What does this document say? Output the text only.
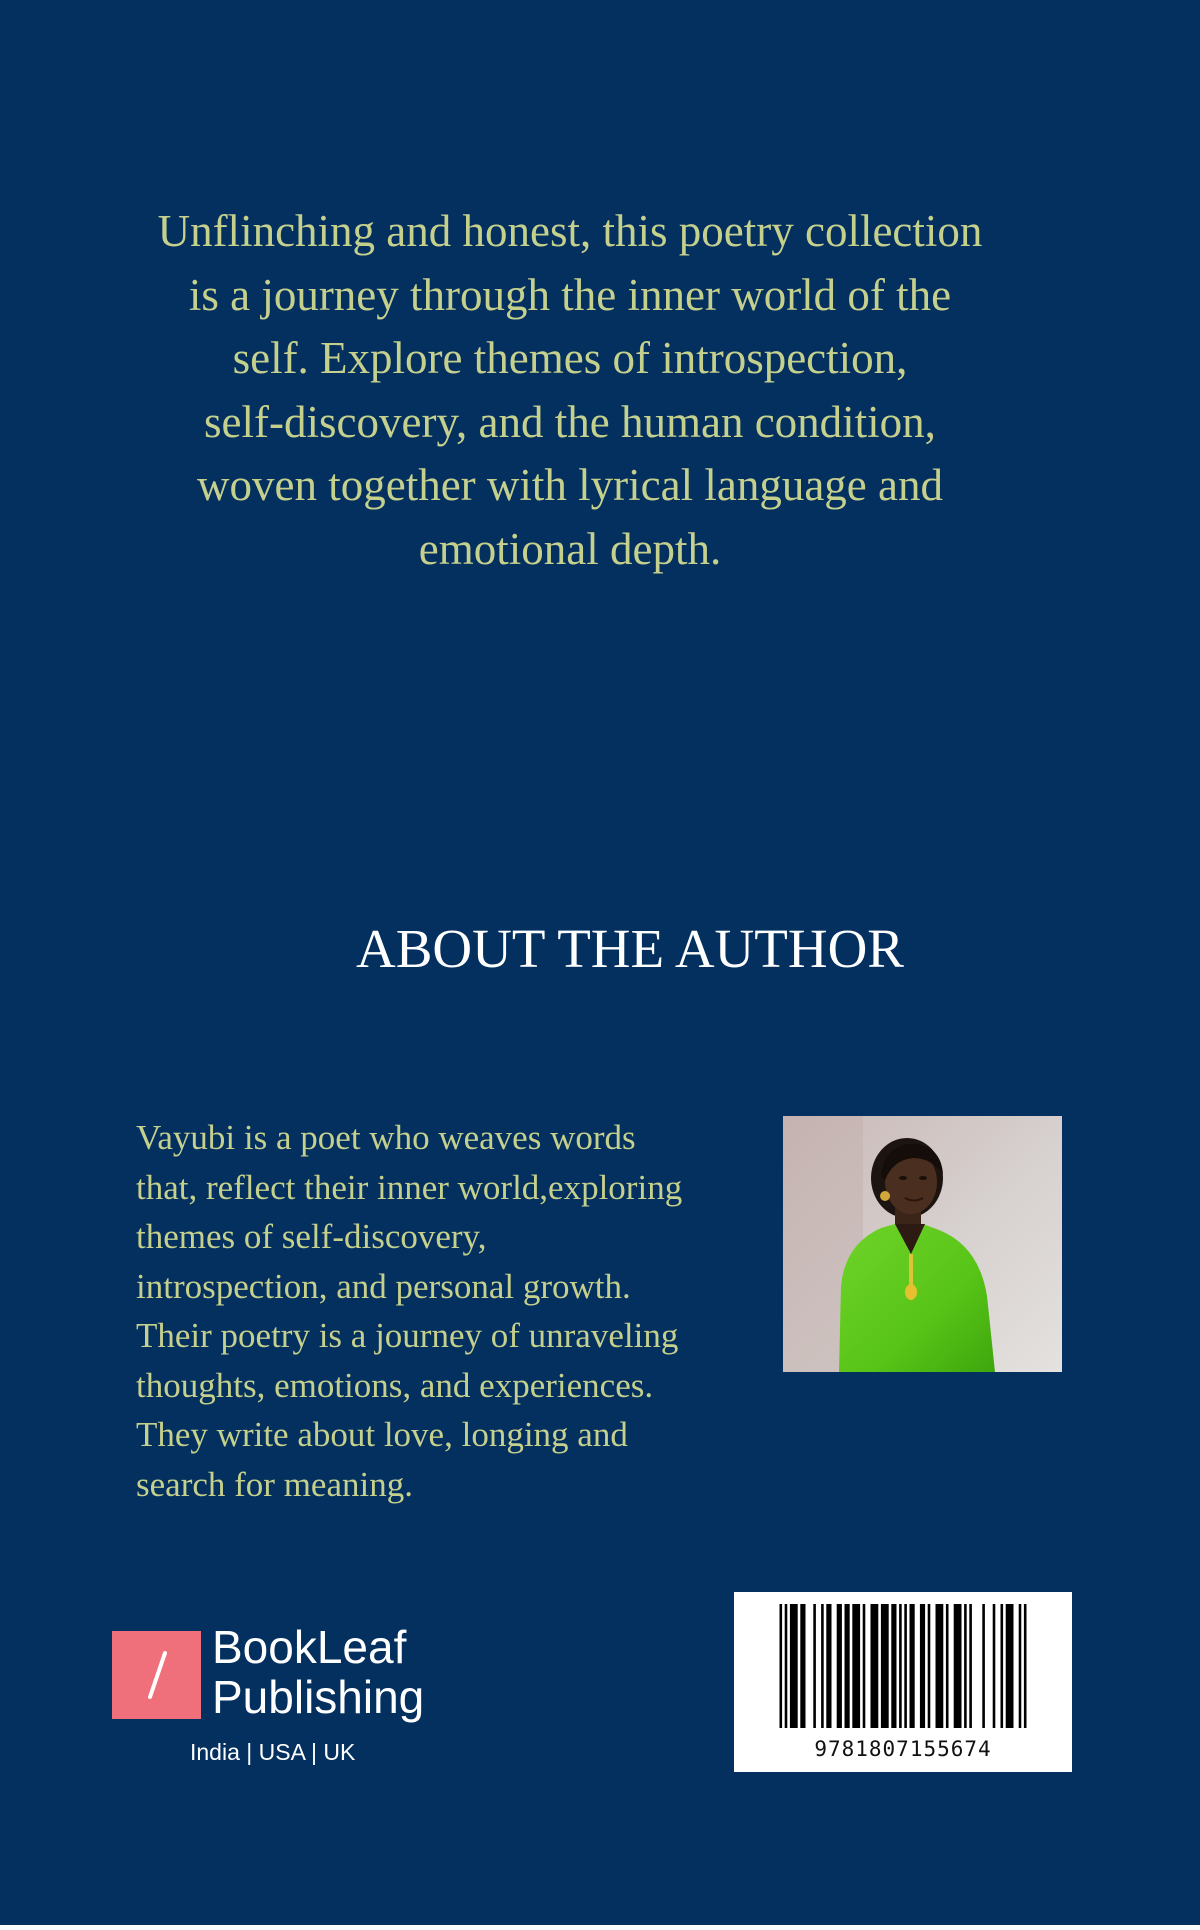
Unflinching and honest, this poetry collection
is a journey through the inner world of the
self. Explore themes of introspection,
self-discovery, and the human condition,
woven together with lyrical language and
emotional depth.

ABOUT THE AUTHOR

Vayubi is a poet who weaves words
that, reflect their inner world,exploring
themes of self-discovery,
introspection, and personal growth.
Their poetry is a journey of unraveling
thoughts, emotions, and experiences.
They write about love, longing and
search for meaning.

BookLeaf
Publishing
India | USA | UK	9781807155674
